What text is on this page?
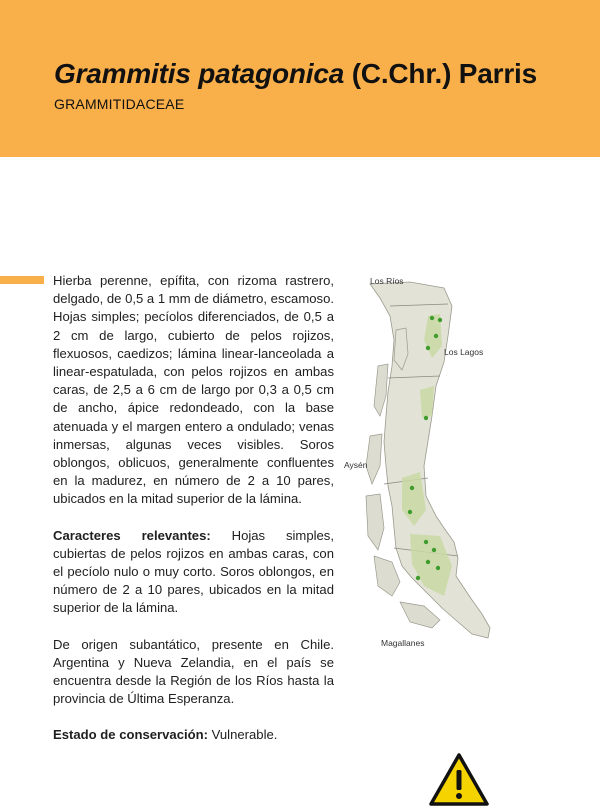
Grammitis patagonica (C.Chr.) Parris
GRAMMITIDACEAE

Hierba perenne, epífita, con rizoma rastrero, delgado, de 0,5 a 1 mm de diámetro, escamoso. Hojas simples; pecíolos diferenciados, de 0,5 a 2 cm de largo, cubierto de pelos rojizos, flexuosos, caedizos; lámina linear-lanceolada a linear-espatulada, con pelos rojizos en ambas caras, de 2,5 a 6 cm de largo por 0,3 a 0,5 cm de ancho, ápice redondeado, con la base atenuada y el margen entero a ondulado; venas inmersas, algunas veces visibles. Soros oblongos, oblicuos, generalmente confluentes en la madurez, en número de 2 a 10 pares, ubicados en la mitad superior de la lámina.

Caracteres relevantes: Hojas simples, cubiertas de pelos rojizos en ambas caras, con el pecíolo nulo o muy corto. Soros oblongos, en número de 2 a 10 pares, ubicados en la mitad superior de la lámina.

De origen subantático, presente en Chile. Argentina y Nueva Zelandia, en el país se encuentra desde la Región de los Ríos hasta la provincia de Última Esperanza.

Estado de conservación: Vulnerable.

Los Ríos
Los Lagos
Aysén
Magallanes
